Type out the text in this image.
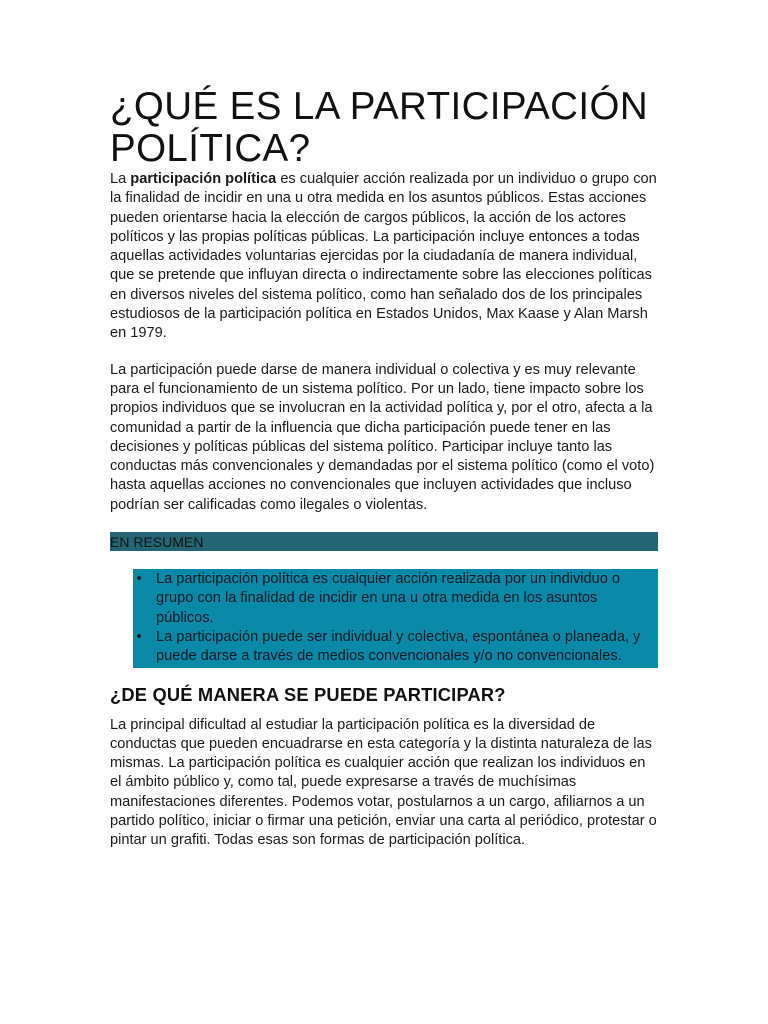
¿QUÉ ES LA PARTICIPACIÓN POLÍTICA?

La participación política es cualquier acción realizada por un individuo o grupo con la finalidad de incidir en una u otra medida en los asuntos públicos. Estas acciones pueden orientarse hacia la elección de cargos públicos, la acción de los actores políticos y las propias políticas públicas. La participación incluye entonces a todas aquellas actividades voluntarias ejercidas por la ciudadanía de manera individual, que se pretende que influyan directa o indirectamente sobre las elecciones políticas en diversos niveles del sistema político, como han señalado dos de los principales estudiosos de la participación política en Estados Unidos, Max Kaase y Alan Marsh en 1979.

La participación puede darse de manera individual o colectiva y es muy relevante para el funcionamiento de un sistema político. Por un lado, tiene impacto sobre los propios individuos que se involucran en la actividad política y, por el otro, afecta a la comunidad a partir de la influencia que dicha participación puede tener en las decisiones y políticas públicas del sistema político. Participar incluye tanto las conductas más convencionales y demandadas por el sistema político (como el voto) hasta aquellas acciones no convencionales que incluyen actividades que incluso podrían ser calificadas como ilegales o violentas.

EN RESUMEN
• La participación política es cualquier acción realizada por un individuo o grupo con la finalidad de incidir en una u otra medida en los asuntos públicos.
• La participación puede ser individual y colectiva, espontánea o planeada, y puede darse a través de medios convencionales y/o no convencionales.
¿DE QUÉ MANERA SE PUEDE PARTICIPAR?

La principal dificultad al estudiar la participación política es la diversidad de conductas que pueden encuadrarse en esta categoría y la distinta naturaleza de las mismas. La participación política es cualquier acción que realizan los individuos en el ámbito público y, como tal, puede expresarse a través de muchísimas manifestaciones diferentes. Podemos votar, postularnos a un cargo, afiliarnos a un partido político, iniciar o firmar una petición, enviar una carta al periódico, protestar o pintar un grafiti. Todas esas son formas de participación política.
